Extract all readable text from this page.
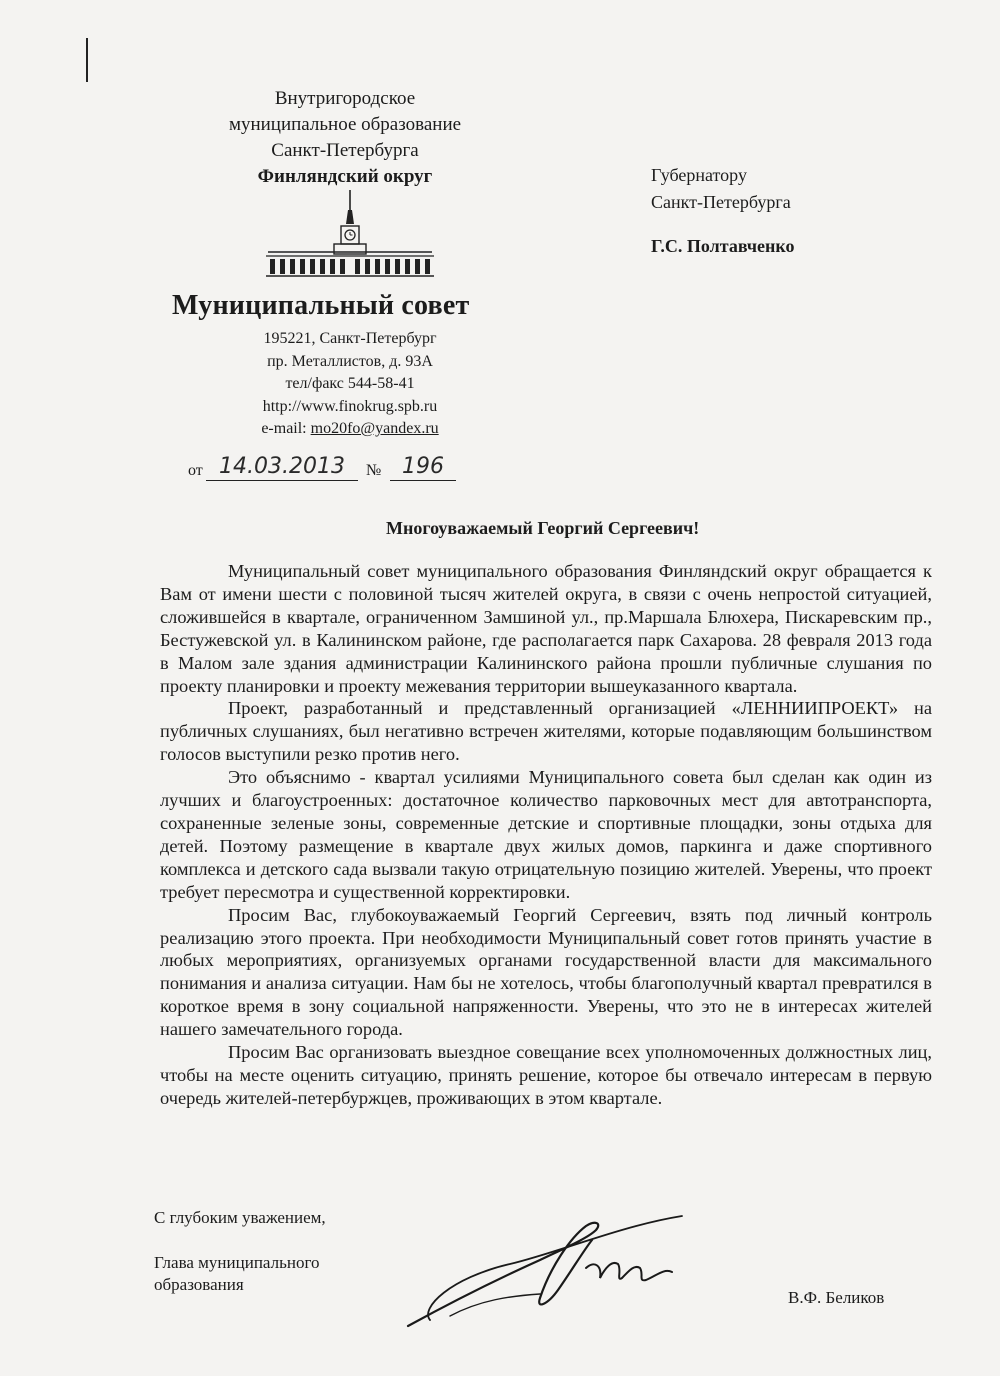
Внутригородское
муниципальное образование
Санкт-Петербурга
Финляндский округ
Муниципальный совет
195221, Санкт-Петербург
пр. Металлистов, д. 93А
тел/факс 544-58-41
http://www.finokrug.spb.ru
e-mail: mo20fo@yandex.ru
от 14.03.2013	№ 196
Губернатору
Санкт-Петербурга
Г.С. Полтавченко
Многоуважаемый Георгий Сергеевич!

Муниципальный совет муниципального образования Финляндский округ обращается к Вам от имени шести с половиной тысяч жителей округа, в связи с очень непростой ситуацией, сложившейся в квартале, ограниченном Замшиной ул., пр.Маршала Блюхера, Пискаревским пр., Бестужевской ул. в Калининском районе, где располагается парк Сахарова. 28 февраля 2013 года в Малом зале здания администрации Калининского района прошли публичные слушания по проекту планировки и проекту межевания территории вышеуказанного квартала.

Проект, разработанный и представленный организацией «ЛЕННИИПРОЕКТ» на публичных слушаниях, был негативно встречен жителями, которые подавляющим большинством голосов выступили резко против него.

Это объяснимо - квартал усилиями Муниципального совета был сделан как один из лучших и благоустроенных: достаточное количество парковочных мест для автотранспорта, сохраненные зеленые зоны, современные детские и спортивные площадки, зоны отдыха для детей. Поэтому размещение в квартале двух жилых домов, паркинга и даже спортивного комплекса и детского сада вызвали такую отрицательную позицию жителей. Уверены, что проект требует пересмотра и существенной корректировки.

Просим Вас, глубокоуважаемый Георгий Сергеевич, взять под личный контроль реализацию этого проекта. При необходимости Муниципальный совет готов принять участие в любых мероприятиях, организуемых органами государственной власти для максимального понимания и анализа ситуации. Нам бы не хотелось, чтобы благополучный квартал превратился в короткое время в зону социальной напряженности. Уверены, что это не в интересах жителей нашего замечательного города.

Просим Вас организовать выездное совещание всех уполномоченных должностных лиц, чтобы на месте оценить ситуацию, принять решение, которое бы отвечало интересам в первую очередь жителей-петербуржцев, проживающих в этом квартале.

С глубоким уважением,
Глава муниципального
образования
В.Ф. Беликов
